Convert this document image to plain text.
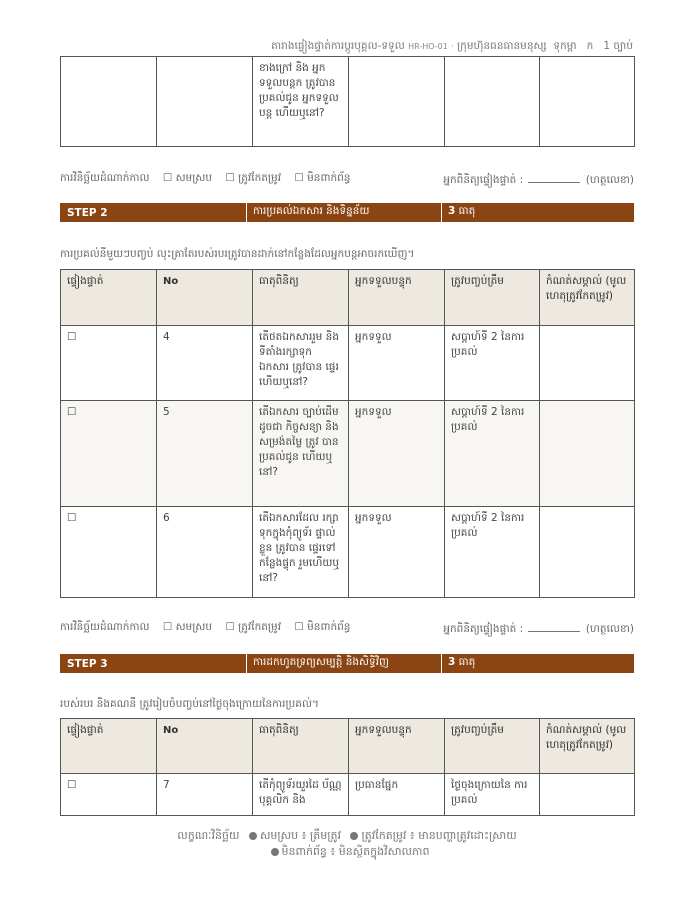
តារាងផ្ទៀងផ្ទាត់ការប្តូរបុគ្គល-ទទួល HR-HO-01 · ក្រុមហ៊ុនធនធានមនុស្ស ទុកម្ពា ក 1 ច្បាប់
		ខាងក្រៅ និង អ្នកទទួលបន្តក ត្រូវបានប្រគល់ជូន អ្នកទទួលបន្ត ហើយឬនៅ?			
ការវិនិច្ឆ័យដំណាក់កាល ☐ សមស្រប ☐ ត្រូវកែតម្រូវ ☐ មិនពាក់ព័ន្ធ	អ្នកពិនិត្យផ្ទៀងផ្ទាត់ :	(ហត្ថលេខា)
STEP 2	ការប្រគល់ឯកសារ និងទិន្នន័យ	3 ធាតុ
ការប្រគល់នីមួយៗបញ្ចប់ លុះត្រាតែរបស់របរត្រូវបានដាក់នៅកន្លែងដែលអ្នកបន្តអាចរកឃើញ។
ផ្ទៀងផ្ទាត់	No	ធាតុពិនិត្យ	អ្នកទទួលបន្ទុក	ត្រូវបញ្ចប់ត្រឹម	កំណត់សម្គាល់ (មូលហេតុត្រូវកែតម្រូវ)
☐	4	តើថតឯកសាររួម និងទីតាំងរក្សាទុក ឯកសារ ត្រូវបាន ផ្ទេរហើយឬនៅ?	អ្នកទទួល	សប្តាហ៍ទី 2 នៃការ ប្រគល់	
☐	5	តើឯកសារ ច្បាប់ដើម ដូចជា កិច្ចសន្យា និង សម្រង់តម្លៃ ត្រូវ បានប្រគល់ជូន ហើយឬនៅ?	អ្នកទទួល	សប្តាហ៍ទី 2 នៃការ ប្រគល់	
☐	6	តើឯកសារដែល រក្សាទុកក្នុងកុំព្យូទ័រ ផ្ទាល់ខ្លួន ត្រូវបាន ផ្ទេរទៅកន្លែងផ្ទុក រួមហើយឬនៅ?	អ្នកទទួល	សប្តាហ៍ទី 2 នៃការ ប្រគល់	
ការវិនិច្ឆ័យដំណាក់កាល ☐ សមស្រប ☐ ត្រូវកែតម្រូវ ☐ មិនពាក់ព័ន្ធ	អ្នកពិនិត្យផ្ទៀងផ្ទាត់ :	(ហត្ថលេខា)
STEP 3	ការដកហូតទ្រព្យសម្បត្តិ និងសិទ្ធិវិញ	3 ធាតុ
របស់របរ និងគណនី ត្រូវរៀបចំបញ្ចប់នៅថ្ងៃចុងក្រោយនៃការប្រគល់។
ផ្ទៀងផ្ទាត់	No	ធាតុពិនិត្យ	អ្នកទទួលបន្ទុក	ត្រូវបញ្ចប់ត្រឹម	កំណត់សម្គាល់ (មូលហេតុត្រូវកែតម្រូវ)
☐	7	តើកុំព្យូទ័រយួរដៃ ប័ណ្ណបុគ្គលិក និង	ប្រធានផ្នែក	ថ្ងៃចុងក្រោយនៃ ការប្រគល់	
លក្ខណៈវិនិច្ឆ័យ សមស្រប ៖ ត្រឹមត្រូវ ត្រូវកែតម្រូវ ៖ មានបញ្ហាត្រូវដោះស្រាយ
មិនពាក់ព័ន្ធ ៖ មិនស្ថិតក្នុងវិសាលភាព
